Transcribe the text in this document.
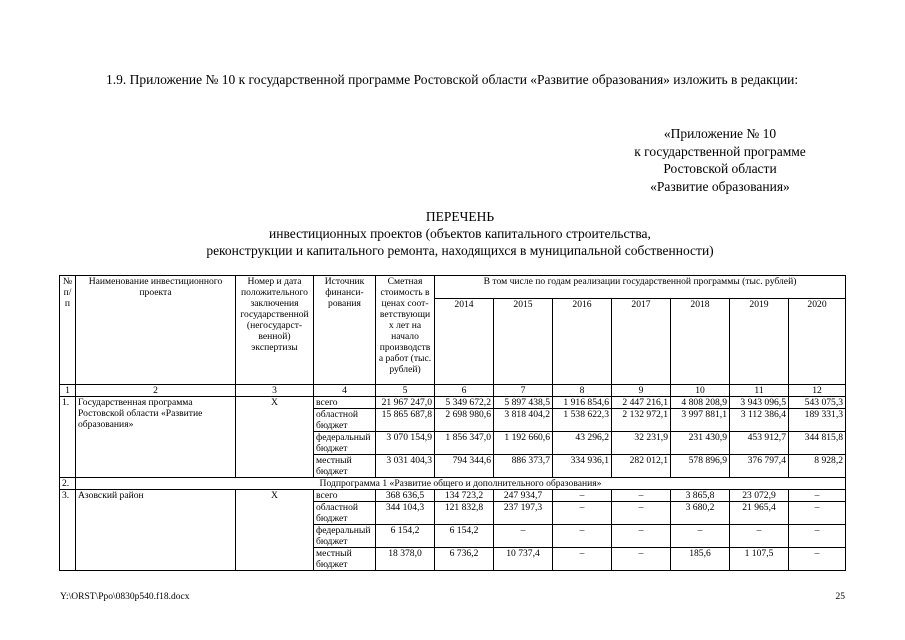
1.9. Приложение № 10 к государственной программе Ростовской области «Развитие образования» изложить в редакции:
«Приложение № 10
к государственной программе
Ростовской области
«Развитие образования»
ПЕРЕЧЕНЬ
инвестиционных проектов (объектов капитального строительства,
реконструкции и капитального ремонта, находящихся в муниципальной собственности)
№ п/п	Наименование инвестиционного проекта	Номер и дата положительного заключения государственной (негосударст-венной) экспертизы	Источник финанси-рования	Сметная стоимость в ценах соот-ветствующих лет на начало производства работ (тыс. рублей)	В том числе по годам реализации государственной программы (тыс. рублей)						
					2014	2015	2016	2017	2018	2019	2020
1	2	3	4	5	6	7	8	9	10	11	12
1.	Государственная программа Ростовской области «Развитие образования»	Х	всего	21 967 247,0	5 349 672,2	5 897 438,5	1 916 854,6	2 447 216,1	4 808 208,9	3 943 096,5	543 075,3
			областной бюджет	15 865 687,8	2 698 980,6	3 818 404,2	1 538 622,3	2 132 972,1	3 997 881,1	3 112 386,4	189 331,3
			федеральный бюджет	3 070 154,9	1 856 347,0	1 192 660,6	43 296,2	32 231,9	231 430,9	453 912,7	344 815,8
			местный бюджет	3 031 404,3	794 344,6	886 373,7	334 936,1	282 012,1	578 896,9	376 797,4	8 928,2
2.	Подпрограмма 1 «Развитие общего и дополнительного образования»										
3.	Азовский район	Х	всего	368 636,5	134 723,2	247 934,7	–	–	3 865,8	23 072,9	–
			областной бюджет	344 104,3	121 832,8	237 197,3	–	–	3 680,2	21 965,4	–
			федеральный бюджет	6 154,2	6 154,2	–	–	–	–	–	–
			местный бюджет	18 378,0	6 736,2	10 737,4	–	–	185,6	1 107,5	–
Y:\ORST\Ppo\0830p540.f18.docx	25
